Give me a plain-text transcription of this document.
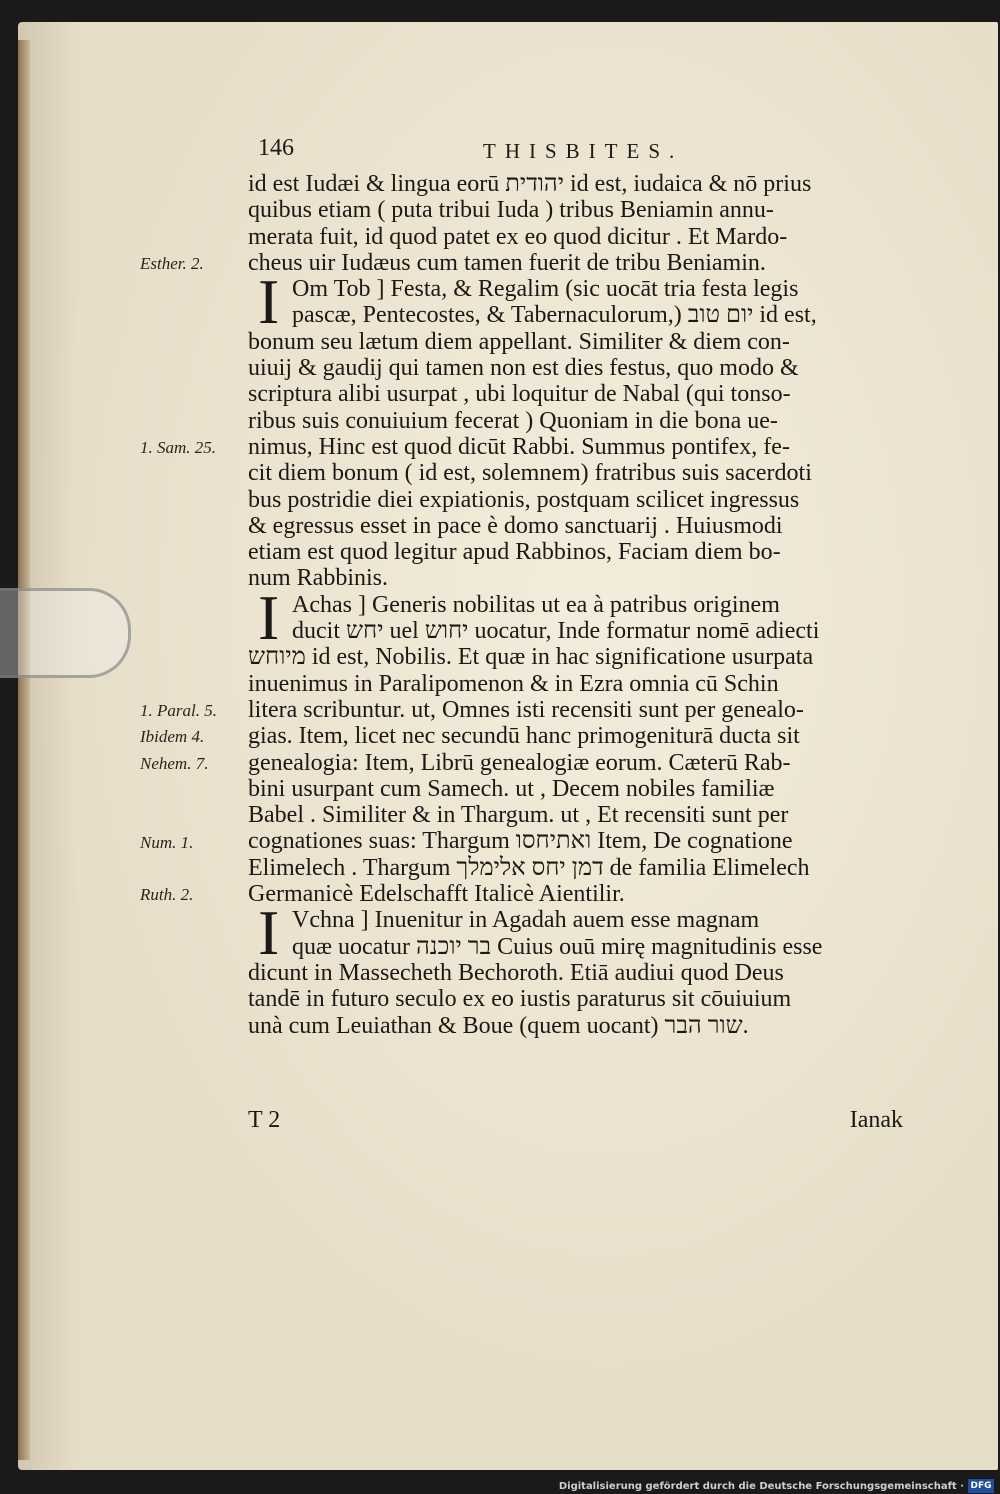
146	THISBITES.
id est Iudæi & lingua eorū יהודית id est, iudaica & nō prius
quibus etiam ( puta tribui Iuda ) tribus Beniamin annu-
merata fuit, id quod patet ex eo quod dicitur . Et Mardo-
cheus uir Iudæus cum tamen fuerit de tribu Beniamin.
Om Tob ] Festa, & Regalim (sic uocāt tria festa legis
pascæ, Pentecostes, & Tabernaculorum,) יום טוב id est,
bonum seu lætum diem appellant. Similiter & diem con-
uiuij & gaudij qui tamen non est dies festus, quo modo &
scriptura alibi usurpat , ubi loquitur de Nabal (qui tonso-
ribus suis conuiuium fecerat ) Quoniam in die bona ue-
nimus, Hinc est quod dicūt Rabbi. Summus pontifex, fe-
cit diem bonum ( id est, solemnem) fratribus suis sacerdoti
bus postridie diei expiationis, postquam scilicet ingressus
& egressus esset in pace è domo sanctuarij . Huiusmodi
etiam est quod legitur apud Rabbinos, Faciam diem bo-
num Rabbinis.
Achas ] Generis nobilitas ut ea à patribus originem
ducit יחש uel יחוש uocatur, Inde formatur nomē adiecti
מיוחש id est, Nobilis. Et quæ in hac significatione usurpata
inuenimus in Paralipomenon & in Ezra omnia cū Schin
litera scribuntur. ut, Omnes isti recensiti sunt per genealo-
gias. Item, licet nec secundū hanc primogeniturā ducta sit
genealogia: Item, Librū genealogiæ eorum. Cæterū Rab-
bini usurpant cum Samech. ut , Decem nobiles familiæ
Babel . Similiter & in Thargum. ut , Et recensiti sunt per
cognationes suas: Thargum ואתיחסו Item, De cognatione
Elimelech . Thargum דמן יחס אלימלך de familia Elimelech
Germanicè Edelschafft Italicè Aientilir.
Vchna ] Inuenitur in Agadah auem esse magnam
quæ uocatur בר יוכנה Cuius ouū mirę magnitudinis esse
dicunt in Massecheth Bechoroth. Etiā audiui quod Deus
tandē in futuro seculo ex eo iustis paraturus sit cōuiuium
unà cum Leuiathan & Boue (quem uocant) שור הבר.
I
I
I
Esther. 2.
1. Sam. 25.
1. Paral. 5.
Ibidem 4.
Nehem. 7.
Num. 1.
Ruth. 2.
T 2	Ianak
Digitalisierung gefördert durch die Deutsche Forschungsgemeinschaft · DFG
